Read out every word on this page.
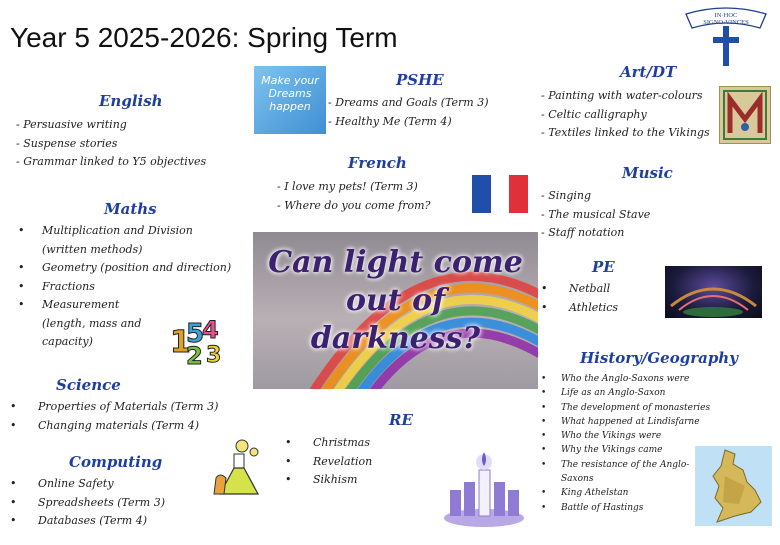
Year 5 2025-2026: Spring Term
IN·HOC
SIGNO·VINCES
English
- Persuasive writing
- Suspense stories
- Grammar linked to Y5 objectives
Maths
• Multiplication and Division
(written methods)
• Geometry (position and direction)
• Fractions
• Measurement
(length, mass and
capacity)	1
5
4
2 3
Science
• Properties of Materials (Term 3)
• Changing materials (Term 4)
Computing
• Online Safety
• Spreadsheets (Term 3)
• Databases (Term 4)
Make your Dreams happen
PSHE
- Dreams and Goals (Term 3)
- Healthy Me (Term 4)
French
- I love my pets! (Term 3)
- Where do you come from?
Can light come
out of
darkness?
RE
• Christmas
• Revelation
• Sikhism
Art/DT
- Painting with water-colours
- Celtic calligraphy
- Textiles linked to the Vikings
Music
- Singing
- The musical Stave
- Staff notation
PE
• Netball
• Athletics
History/Geography
• Who the Anglo-Saxons were
• Life as an Anglo-Saxon
• The development of monasteries
• What happened at Lindisfarne
• Who the Vikings were
• Why the Vikings came
• The resistance of the Anglo-
Saxons
• King Athelstan
• Battle of Hastings
